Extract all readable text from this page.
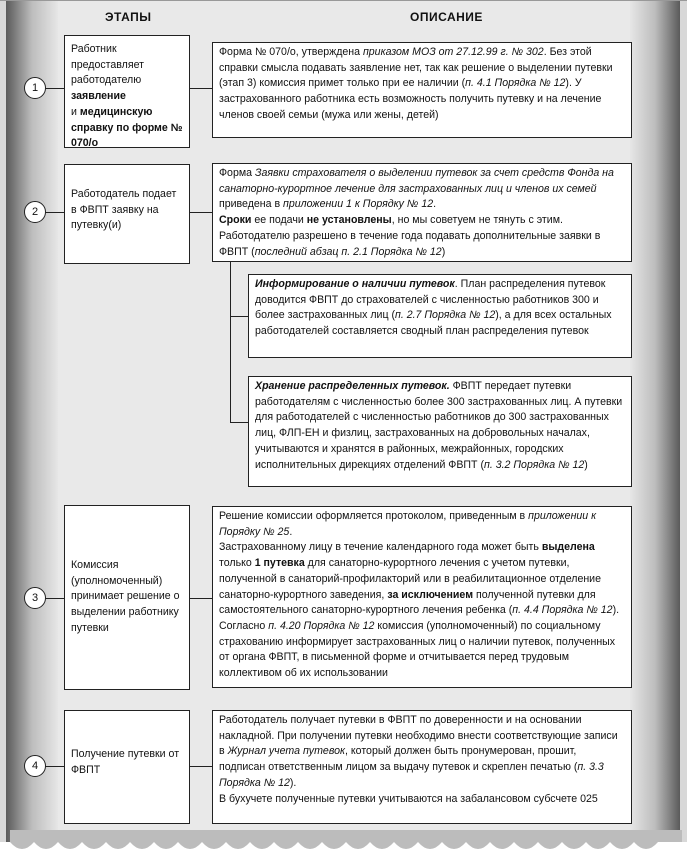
ЭТАПЫ	ОПИСАНИЕ
1
2
3
4
Работник предоставляет работодателю
заявление
и медицинскую справку по форме № 070/о
Форма № 070/о, утверждена приказом МОЗ от 27.12.99 г. № 302. Без этой справки смысла подавать заявление нет, так как решение о выделении путевки (этап 3) комиссия примет только при ее наличии (п. 4.1 Порядка № 12). У застрахованного работника есть возможность получить путевку и на лечение членов своей семьи (мужа или жены, детей)
Работодатель подает в ФВПТ заявку на путевку(и)
Форма Заявки страхователя о выделении путевок за счет средств Фонда на санаторно-курортное лечение для застрахованных лиц и членов их семей приведена в приложении 1 к Порядку № 12.
Сроки ее подачи не установлены, но мы советуем не тянуть с этим. Работодателю разрешено в течение года подавать дополнительные заявки в ФВПТ (последний абзац п. 2.1 Порядка № 12)
Информирование о наличии путевок. План распределения путевок доводится ФВПТ до страхователей с численностью работников 300 и более застрахованных лиц (п. 2.7 Порядка № 12), а для всех остальных работодателей составляется сводный план распределения путевок
Хранение распределенных путевок. ФВПТ передает путевки работодателям с численностью более 300 застрахованных лиц. А путевки для работодателей с численностью работников до 300 застрахованных лиц, ФЛП-ЕН и физлиц, застрахованных на добровольных началах, учитываются и хранятся в районных, межрайонных, городских исполнительных дирекциях отделений ФВПТ (п. 3.2 Порядка № 12)
Комиссия (уполномоченный) принимает решение о выделении работнику путевки
Решение комиссии оформляется протоколом, приведенным в приложении к Порядку № 25.
Застрахованному лицу в течение календарного года может быть выделена только 1 путевка для санаторно-курортного лечения с учетом путевки, полученной в санаторий-профилакторий или в реабилитационное отделение санаторно-курортного заведения, за исключением полученной путевки для самостоятельного санаторно-курортного лечения ребенка (п. 4.4 Порядка № 12).
Согласно п. 4.20 Порядка № 12 комиссия (уполномоченный) по социальному страхованию информирует застрахованных лиц о наличии путевок, полученных от органа ФВПТ, в письменной форме и отчитывается перед трудовым коллективом об их использовании
Получение путевки от ФВПТ
Работодатель получает путевки в ФВПТ по доверенности и на основании накладной. При получении путевки необходимо внести соответствующие записи в Журнал учета путевок, который должен быть пронумерован, прошит, подписан ответственным лицом за выдачу путевок и скреплен печатью (п. 3.3 Порядка № 12).
В бухучете полученные путевки учитываются на забалансовом субсчете 025
